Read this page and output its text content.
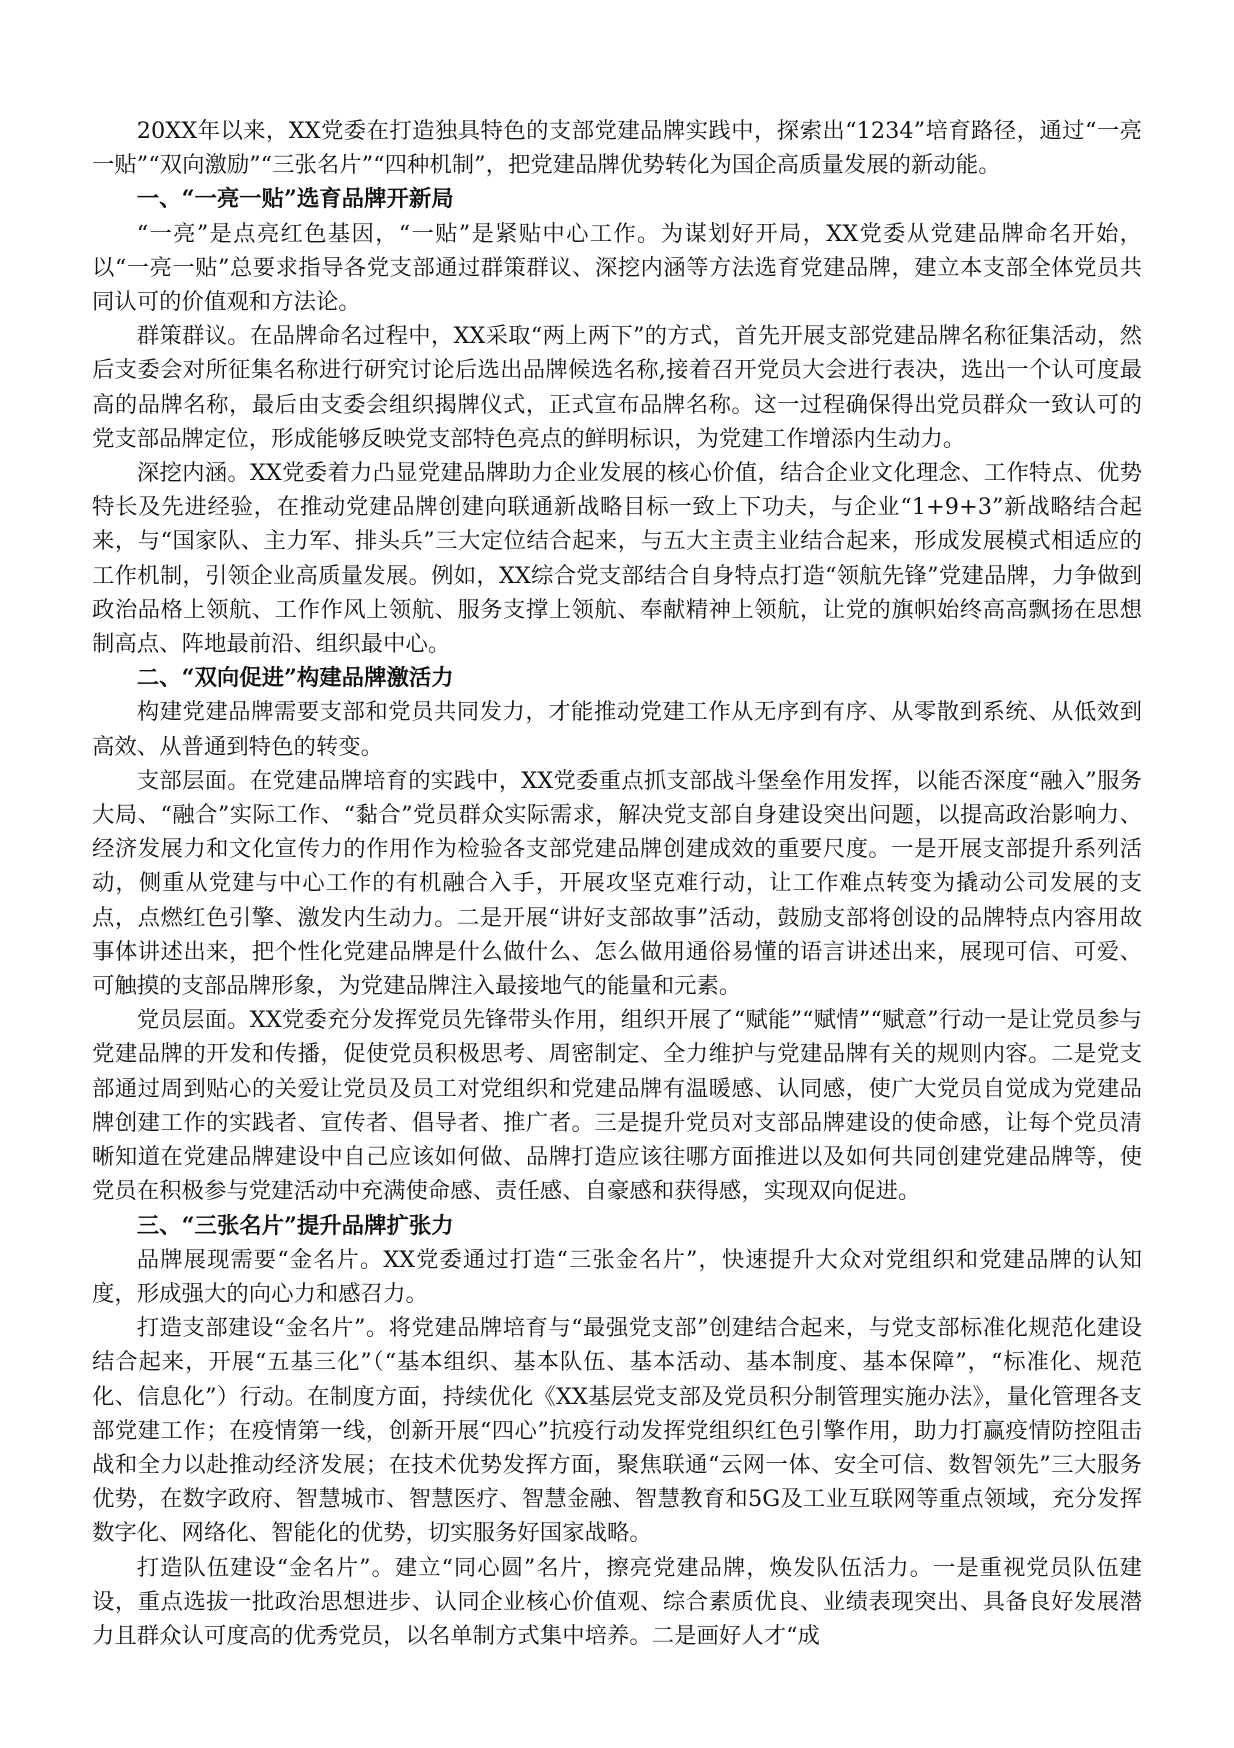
20XX年以来，XX党委在打造独具特色的支部党建品牌实践中，探索出“1234”培育路径，通过“一亮一贴”“双向激励”“三张名片”“四种机制”，把党建品牌优势转化为国企高质量发展的新动能。

一、“一亮一贴”选育品牌开新局

“一亮”是点亮红色基因，“一贴”是紧贴中心工作。为谋划好开局，XX党委从党建品牌命名开始，以“一亮一贴”总要求指导各党支部通过群策群议、深挖内涵等方法选育党建品牌，建立本支部全体党员共同认可的价值观和方法论。

群策群议。在品牌命名过程中，XX采取“两上两下”的方式，首先开展支部党建品牌名称征集活动，然后支委会对所征集名称进行研究讨论后选出品牌候选名称,接着召开党员大会进行表决，选出一个认可度最高的品牌名称，最后由支委会组织揭牌仪式，正式宣布品牌名称。这一过程确保得出党员群众一致认可的党支部品牌定位，形成能够反映党支部特色亮点的鲜明标识，为党建工作增添内生动力。

深挖内涵。XX党委着力凸显党建品牌助力企业发展的核心价值，结合企业文化理念、工作特点、优势特长及先进经验，在推动党建品牌创建向联通新战略目标一致上下功夫，与企业“1+9+3”新战略结合起来，与“国家队、主力军、排头兵”三大定位结合起来，与五大主责主业结合起来，形成发展模式相适应的工作机制，引领企业高质量发展。例如，XX综合党支部结合自身特点打造“领航先锋”党建品牌，力争做到政治品格上领航、工作作风上领航、服务支撑上领航、奉献精神上领航，让党的旗帜始终高高飘扬在思想制高点、阵地最前沿、组织最中心。

二、“双向促进”构建品牌激活力

构建党建品牌需要支部和党员共同发力，才能推动党建工作从无序到有序、从零散到系统、从低效到高效、从普通到特色的转变。

支部层面。在党建品牌培育的实践中，XX党委重点抓支部战斗堡垒作用发挥，以能否深度“融入”服务大局、“融合”实际工作、“黏合”党员群众实际需求，解决党支部自身建设突出问题，以提高政治影响力、经济发展力和文化宣传力的作用作为检验各支部党建品牌创建成效的重要尺度。一是开展支部提升系列活动，侧重从党建与中心工作的有机融合入手，开展攻坚克难行动，让工作难点转变为撬动公司发展的支点，点燃红色引擎、激发内生动力。二是开展“讲好支部故事”活动，鼓励支部将创设的品牌特点内容用故事体讲述出来，把个性化党建品牌是什么做什么、怎么做用通俗易懂的语言讲述出来，展现可信、可爱、可触摸的支部品牌形象，为党建品牌注入最接地气的能量和元素。

党员层面。XX党委充分发挥党员先锋带头作用，组织开展了“赋能”“赋情”“赋意”行动一是让党员参与党建品牌的开发和传播，促使党员积极思考、周密制定、全力维护与党建品牌有关的规则内容。二是党支部通过周到贴心的关爱让党员及员工对党组织和党建品牌有温暖感、认同感，使广大党员自觉成为党建品牌创建工作的实践者、宣传者、倡导者、推广者。三是提升党员对支部品牌建设的使命感，让每个党员清晰知道在党建品牌建设中自己应该如何做、品牌打造应该往哪方面推进以及如何共同创建党建品牌等，使党员在积极参与党建活动中充满使命感、责任感、自豪感和获得感，实现双向促进。

三、“三张名片”提升品牌扩张力

品牌展现需要“金名片。XX党委通过打造“三张金名片”，快速提升大众对党组织和党建品牌的认知度，形成强大的向心力和感召力。

打造支部建设“金名片”。将党建品牌培育与“最强党支部”创建结合起来，与党支部标准化规范化建设结合起来，开展“五基三化”（“基本组织、基本队伍、基本活动、基本制度、基本保障”，“标准化、规范化、信息化”）行动。在制度方面，持续优化《XX基层党支部及党员积分制管理实施办法》，量化管理各支部党建工作；在疫情第一线，创新开展“四心”抗疫行动发挥党组织红色引擎作用，助力打赢疫情防控阻击战和全力以赴推动经济发展；在技术优势发挥方面，聚焦联通“云网一体、安全可信、数智领先”三大服务优势，在数字政府、智慧城市、智慧医疗、智慧金融、智慧教育和5G及工业互联网等重点领域，充分发挥数字化、网络化、智能化的优势，切实服务好国家战略。

打造队伍建设“金名片”。建立“同心圆”名片，擦亮党建品牌，焕发队伍活力。一是重视党员队伍建设，重点选拔一批政治思想进步、认同企业核心价值观、综合素质优良、业绩表现突出、具备良好发展潜力且群众认可度高的优秀党员，以名单制方式集中培养。二是画好人才“成
